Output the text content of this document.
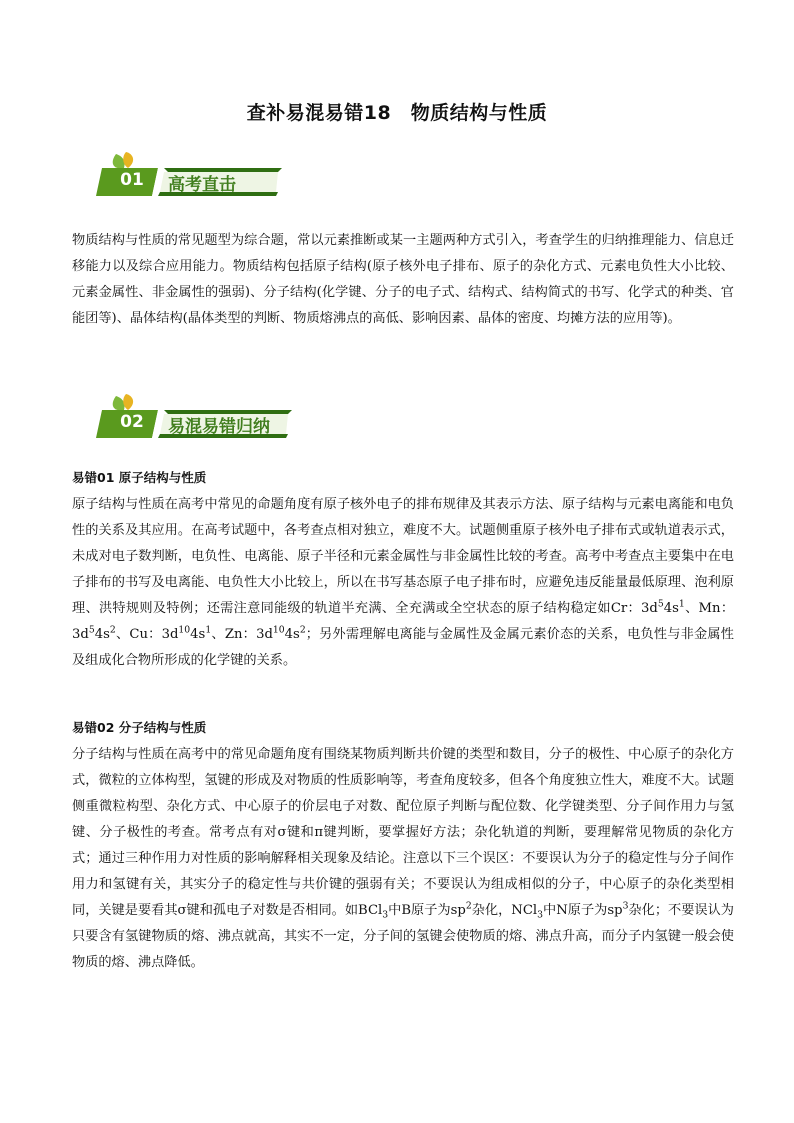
查补易混易错18　物质结构与性质
01	高考直击
物质结构与性质的常见题型为综合题，常以元素推断或某一主题两种方式引入，考查学生的归纳推理能力、信息迁移能力以及综合应用能力。物质结构包括原子结构(原子核外电子排布、原子的杂化方式、元素电负性大小比较、元素金属性、非金属性的强弱)、分子结构(化学键、分子的电子式、结构式、结构简式的书写、化学式的种类、官能团等)、晶体结构(晶体类型的判断、物质熔沸点的高低、影响因素、晶体的密度、均摊方法的应用等)。
02	易混易错归纳
易错01 原子结构与性质
原子结构与性质在高考中常见的命题角度有原子核外电子的排布规律及其表示方法、原子结构与元素电离能和电负性的关系及其应用。在高考试题中，各考查点相对独立，难度不大。试题侧重原子核外电子排布式或轨道表示式，未成对电子数判断，电负性、电离能、原子半径和元素金属性与非金属性比较的考查。高考中考查点主要集中在电子排布的书写及电离能、电负性大小比较上，所以在书写基态原子电子排布时，应避免违反能量最低原理、泡利原理、洪特规则及特例；还需注意同能级的轨道半充满、全充满或全空状态的原子结构稳定如Cr：$3d^54s^1$、Mn：$3d^54s^2$、Cu：$3d^{10}4s^1$、Zn：$3d^{10}4s^2$；另外需理解电离能与金属性及金属元素价态的关系，电负性与非金属性及组成化合物所形成的化学键的关系。
易错02 分子结构与性质
分子结构与性质在高考中的常见命题角度有围绕某物质判断共价键的类型和数目，分子的极性、中心原子的杂化方式，微粒的立体构型，氢键的形成及对物质的性质影响等，考查角度较多，但各个角度独立性大，难度不大。试题侧重微粒构型、杂化方式、中心原子的价层电子对数、配位原子判断与配位数、化学键类型、分子间作用力与氢键、分子极性的考查。常考点有对σ键和π键判断，要掌握好方法；杂化轨道的判断，要理解常见物质的杂化方式；通过三种作用力对性质的影响解释相关现象及结论。注意以下三个误区：不要误认为分子的稳定性与分子间作用力和氢键有关，其实分子的稳定性与共价键的强弱有关；不要误认为组成相似的分子，中心原子的杂化类型相同，关键是要看其σ键和孤电子对数是否相同。如BCl$_3$中B原子为$sp^2$杂化，NCl$_3$中N原子为$sp^3$杂化；不要误认为只要含有氢键物质的熔、沸点就高，其实不一定，分子间的氢键会使物质的熔、沸点升高，而分子内氢键一般会使物质的熔、沸点降低。
